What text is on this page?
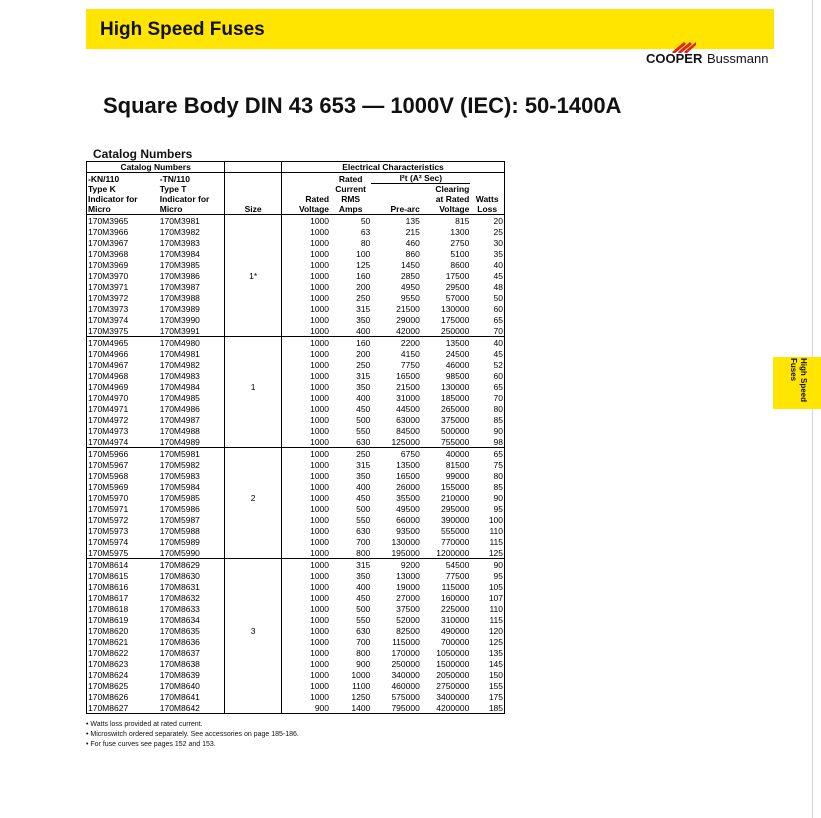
High Speed Fuses
COOPER Bussmann
Square Body DIN 43 653 — 1000V (IEC): 50-1400A
High Speed
Fuses
Catalog Numbers
Catalog Numbers			Electrical Characteristics				
-KN/110	-TN/110			Rated	I²t (A² Sec)		
Type K	Type T			Current		Clearing	
Indicator for	Indicator for		Rated	RMS		at Rated	Watts
Micro	Micro	Size	Voltage	Amps	Pre-arc	Voltage	Loss
170M3965	170M3981		1000	50	135	815	20
170M3966	170M3982		1000	63	215	1300	25
170M3967	170M3983		1000	80	460	2750	30
170M3968	170M3984		1000	100	860	5100	35
170M3969	170M3985		1000	125	1450	8600	40
170M3970	170M3986	1*	1000	160	2850	17500	45
170M3971	170M3987		1000	200	4950	29500	48
170M3972	170M3988		1000	250	9550	57000	50
170M3973	170M3989		1000	315	21500	130000	60
170M3974	170M3990		1000	350	29000	175000	65
170M3975	170M3991		1000	400	42000	250000	70
170M4965	170M4980		1000	160	2200	13500	40
170M4966	170M4981		1000	200	4150	24500	45
170M4967	170M4982		1000	250	7750	46000	52
170M4968	170M4983		1000	315	16500	98500	60
170M4969	170M4984	1	1000	350	21500	130000	65
170M4970	170M4985		1000	400	31000	185000	70
170M4971	170M4986		1000	450	44500	265000	80
170M4972	170M4987		1000	500	63000	375000	85
170M4973	170M4988		1000	550	84500	500000	90
170M4974	170M4989		1000	630	125000	755000	98
170M5966	170M5981		1000	250	6750	40000	65
170M5967	170M5982		1000	315	13500	81500	75
170M5968	170M5983		1000	350	16500	99000	80
170M5969	170M5984		1000	400	26000	155000	85
170M5970	170M5985	2	1000	450	35500	210000	90
170M5971	170M5986		1000	500	49500	295000	95
170M5972	170M5987		1000	550	66000	390000	100
170M5973	170M5988		1000	630	93500	555000	110
170M5974	170M5989		1000	700	130000	770000	115
170M5975	170M5990		1000	800	195000	1200000	125
170M8614	170M8629		1000	315	9200	54500	90
170M8615	170M8630		1000	350	13000	77500	95
170M8616	170M8631		1000	400	19000	115000	105
170M8617	170M8632		1000	450	27000	160000	107
170M8618	170M8633		1000	500	37500	225000	110
170M8619	170M8634		1000	550	52000	310000	115
170M8620	170M8635	3	1000	630	82500	490000	120
170M8621	170M8636		1000	700	115000	700000	125
170M8622	170M8637		1000	800	170000	1050000	135
170M8623	170M8638		1000	900	250000	1500000	145
170M8624	170M8639		1000	1000	340000	2050000	150
170M8625	170M8640		1000	1100	460000	2750000	155
170M8626	170M8641		1000	1250	575000	3400000	175
170M8627	170M8642		900	1400	795000	4200000	185
• Watts loss provided at rated current.
• Microswitch ordered separately. See accessories on page 185-186.
• For fuse curves see pages 152 and 153.
